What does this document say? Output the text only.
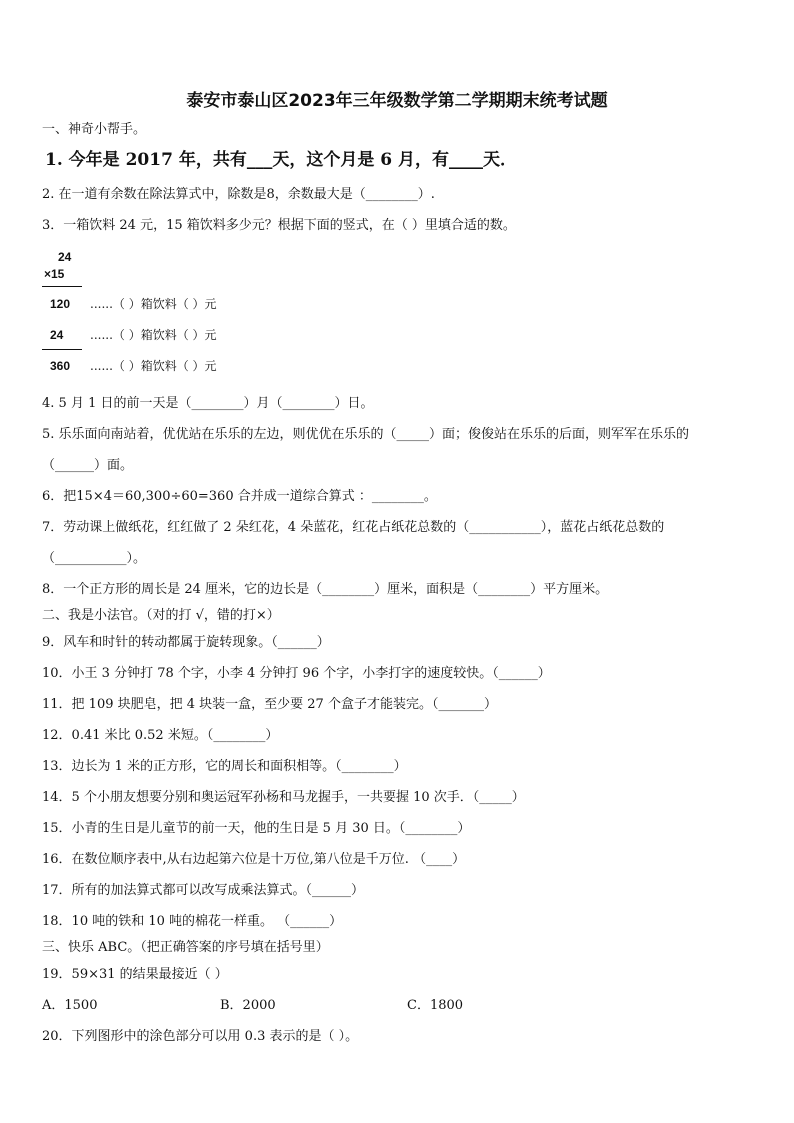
泰安市泰山区2023年三年级数学第二学期期末统考试题
一、神奇小帮手。
1. 今年是 2017 年，共有___天，这个月是 6 月，有____天．
2. 在一道有余数在除法算式中，除数是8，余数最大是（________）.
3．一箱饮料 24 元，15 箱饮料多少元？根据下面的竖式，在（ ）里填合适的数。
24
×15
120 ......（ ）箱饮料（ ）元
24 ......（ ）箱饮料（ ）元
360 ......（ ）箱饮料（ ）元
4. 5 月 1 日的前一天是（________）月（________）日。
5. 乐乐面向南站着，优优站在乐乐的左边，则优优在乐乐的（_____）面；俊俊站在乐乐的后面，则军军在乐乐的
（______）面。
6．把15×4＝60,300÷60=360 合并成一道综合算式 ：________。
7．劳动课上做纸花，红红做了 2 朵红花，4 朵蓝花，红花占纸花总数的（___________），蓝花占纸花总数的
（___________）。
8．一个正方形的周长是 24 厘米，它的边长是（________）厘米，面积是（________）平方厘米。
二、我是小法官。（对的打 √，错的打×）
9．风车和时针的转动都属于旋转现象。（______）
10．小王 3 分钟打 78 个字，小李 4 分钟打 96 个字，小李打字的速度较快。（______）
11．把 109 块肥皂，把 4 块装一盒，至少要 27 个盒子才能装完。（_______）
12．0.41 米比 0.52 米短。（________）
13．边长为 1 米的正方形，它的周长和面积相等。（________）
14．5 个小朋友想要分别和奥运冠军孙杨和马龙握手，一共要握 10 次手．（_____）
15．小青的生日是儿童节的前一天，他的生日是 5 月 30 日。（________）
16．在数位顺序表中,从右边起第六位是十万位,第八位是千万位. （____）
17．所有的加法算式都可以改写成乘法算式。（______）
18．10 吨的铁和 10 吨的棉花一样重。 （______）
三、快乐 ABC。（把正确答案的序号填在括号里）
19．59×31 的结果最接近（ ）
A．1500	B．2000	C．1800
20．下列图形中的涂色部分可以用 0.3 表示的是（ ）。
